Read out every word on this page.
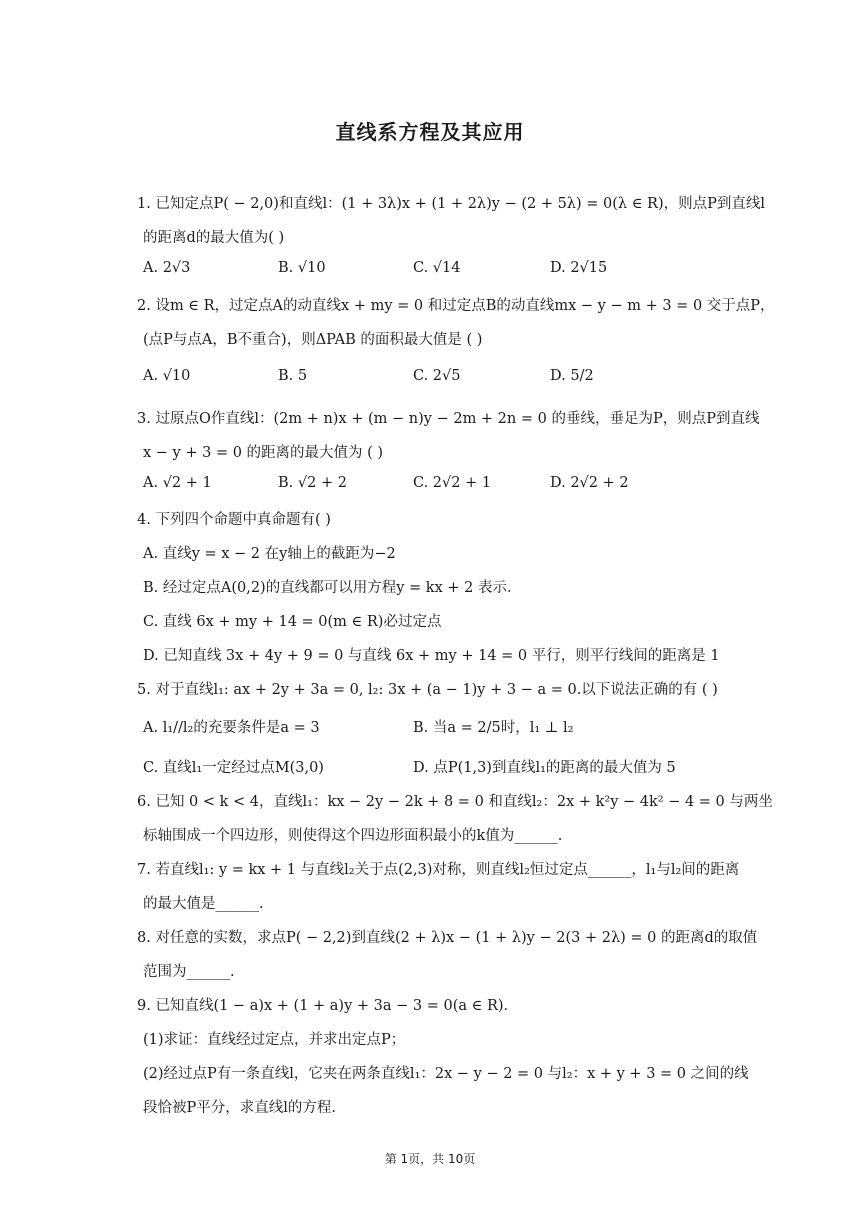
直线系方程及其应用
1. 已知定点P( − 2,0)和直线l：(1 + 3λ)x + (1 + 2λ)y − (2 + 5λ) = 0(λ ∈ R)，则点P到直线l
的距离d的最大值为( )
A. 2√3	B. √10	C. √14	D. 2√15
2. 设m ∈ R，过定点A的动直线x + my = 0 和过定点B的动直线mx − y − m + 3 = 0 交于点P，
(点P与点A，B不重合)，则ΔPAB 的面积最大值是 ( )
A. √10	B. 5	C. 2√5	D. 5/2
3. 过原点O作直线l：(2m + n)x + (m − n)y − 2m + 2n = 0 的垂线，垂足为P，则点P到直线
x − y + 3 = 0 的距离的最大值为 ( )
A. √2 + 1	B. √2 + 2	C. 2√2 + 1	D. 2√2 + 2
4. 下列四个命题中真命题有( )
A. 直线y = x − 2 在y轴上的截距为−2
B. 经过定点A(0,2)的直线都可以用方程y = kx + 2 表示．
C. 直线 6x + my + 14 = 0(m ∈ R)必过定点
D. 已知直线 3x + 4y + 9 = 0 与直线 6x + my + 14 = 0 平行，则平行线间的距离是 1
5. 对于直线l₁: ax + 2y + 3a = 0, l₂: 3x + (a − 1)y + 3 − a = 0.以下说法正确的有 ( )
A. l₁//l₂的充要条件是a = 3	B. 当a = 2/5时，l₁ ⊥ l₂
C. 直线l₁一定经过点M(3,0)	D. 点P(1,3)到直线l₁的距离的最大值为 5
6. 已知 0 < k < 4，直线l₁：kx − 2y − 2k + 8 = 0 和直线l₂：2x + k²y − 4k² − 4 = 0 与两坐
标轴围成一个四边形，则使得这个四边形面积最小的k值为______.
7. 若直线l₁: y = kx + 1 与直线l₂关于点(2,3)对称，则直线l₂恒过定点______，l₁与l₂间的距离
的最大值是______.
8. 对任意的实数，求点P( − 2,2)到直线(2 + λ)x − (1 + λ)y − 2(3 + 2λ) = 0 的距离d的取值
范围为______.
9. 已知直线(1 − a)x + (1 + a)y + 3a − 3 = 0(a ∈ R)．
(1)求证：直线经过定点，并求出定点P；
(2)经过点P有一条直线l，它夹在两条直线l₁：2x − y − 2 = 0 与l₂：x + y + 3 = 0 之间的线
段恰被P平分，求直线l的方程.
第 1页，共 10页
